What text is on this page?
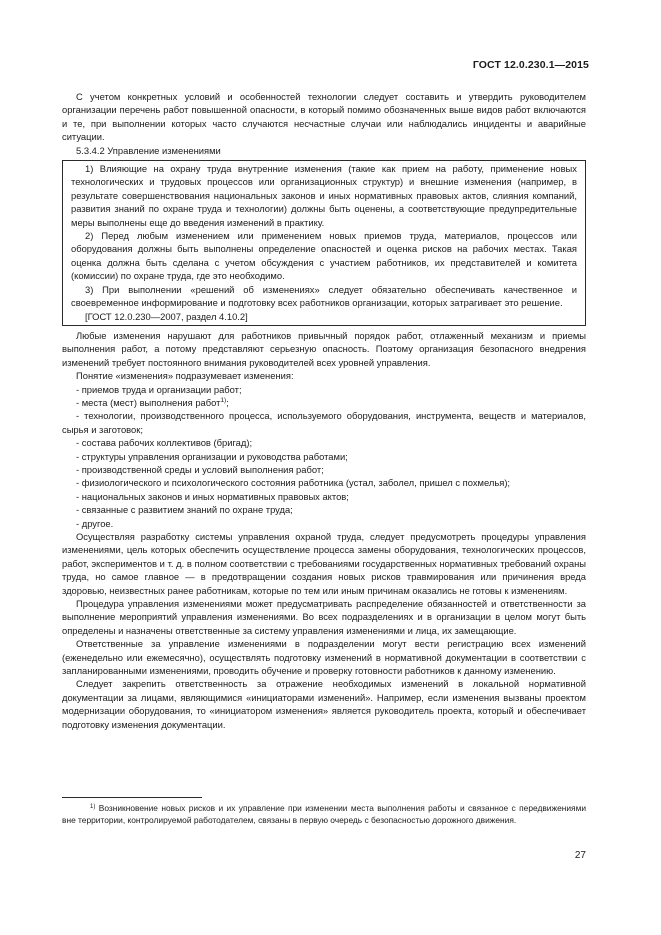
ГОСТ 12.0.230.1—2015

С учетом конкретных условий и особенностей технологии следует составить и утвердить руководителем организации перечень работ повышенной опасности, в который помимо обозначенных выше видов работ включаются и те, при выполнении которых часто случаются несчастные случаи или наблюдались инциденты и аварийные ситуации.

5.3.4.2 Управление изменениями

1) Влияющие на охрану труда внутренние изменения (такие как прием на работу, применение новых технологических и трудовых процессов или организационных структур) и внешние изменения (например, в результате совершенствования национальных законов и иных нормативных правовых актов, слияния компаний, развития знаний по охране труда и технологии) должны быть оценены, а соответствующие предупредительные меры выполнены еще до введения изменений в практику.

2) Перед любым изменением или применением новых приемов труда, материалов, процессов или оборудования должны быть выполнены определение опасностей и оценка рисков на рабочих местах. Такая оценка должна быть сделана с учетом обсуждения с участием работников, их представителей и комитета (комиссии) по охране труда, где это необходимо.

3) При выполнении «решений об изменениях» следует обязательно обеспечивать качественное и своевременное информирование и подготовку всех работников организации, которых затрагивает это решение.

[ГОСТ 12.0.230—2007, раздел 4.10.2]

Любые изменения нарушают для работников привычный порядок работ, отлаженный механизм и приемы выполнения работ, а потому представляют серьезную опасность. Поэтому организация безопасного внедрения изменений требует постоянного внимания руководителей всех уровней управления.

Понятие «изменения» подразумевает изменения:

- приемов труда и организации работ;

- места (мест) выполнения работ$^{1)}$;

- технологии, производственного процесса, используемого оборудования, инструмента, веществ и материалов, сырья и заготовок;

- состава рабочих коллективов (бригад);

- структуры управления организации и руководства работами;

- производственной среды и условий выполнения работ;

- физиологического и психологического состояния работника (устал, заболел, пришел с похмелья);

- национальных законов и иных нормативных правовых актов;

- связанные с развитием знаний по охране труда;

- другое.

Осуществляя разработку системы управления охраной труда, следует предусмотреть процедуры управления изменениями, цель которых обеспечить осуществление процесса замены оборудования, технологических процессов, работ, экспериментов и т. д. в полном соответствии с требованиями государственных нормативных требований охраны труда, но самое главное — в предотвращении создания новых рисков травмирования или причинения вреда здоровью, неизвестных ранее работникам, которые по тем или иным причинам оказались не готовы к изменениям.

Процедура управления изменениями может предусматривать распределение обязанностей и ответственности за выполнение мероприятий управления изменениями. Во всех подразделениях и в организации в целом могут быть определены и назначены ответственные за систему управления изменениями и лица, их замещающие.

Ответственные за управление изменениями в подразделении могут вести регистрацию всех изменений (еженедельно или ежемесячно), осуществлять подготовку изменений в нормативной документации в соответствии с запланированными изменениями, проводить обучение и проверку готовности работников к данному изменению.

Следует закрепить ответственность за отражение необходимых изменений в локальной нормативной документации за лицами, являющимися «инициаторами изменений». Например, если изменения вызваны проектом модернизации оборудования, то «инициатором изменения» является руководитель проекта, который и обеспечивает подготовку изменения документации.

$^{1)}$ Возникновение новых рисков и их управление при изменении места выполнения работы и связанное с передвижениями вне территории, контролируемой работодателем, связаны в первую очередь с безопасностью дорожного движения.
27
